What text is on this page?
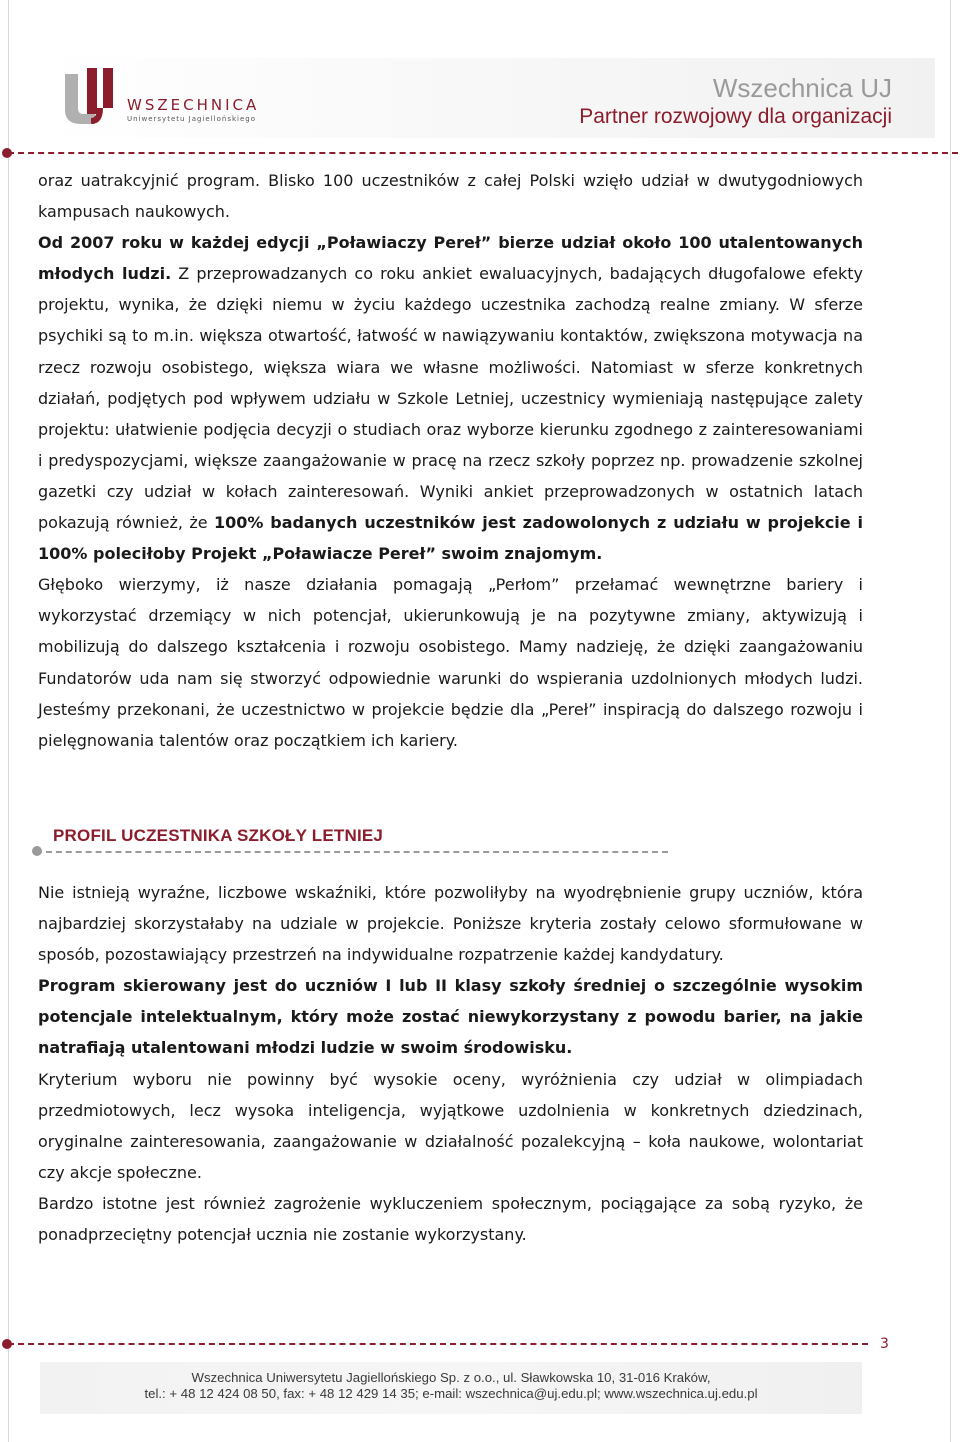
WSZECHNICA
Uniwersytetu Jagiellońskiego
Wszechnica UJ
Partner rozwojowy dla organizacji

oraz uatrakcyjnić program. Blisko 100 uczestników z całej Polski wzięło udział w dwutygodniowych kampusach naukowych.

Od 2007 roku w każdej edycji „Poławiaczy Pereł” bierze udział około 100 utalentowanych młodych ludzi. Z przeprowadzanych co roku ankiet ewaluacyjnych, badających długofalowe efekty projektu, wynika, że dzięki niemu w życiu każdego uczestnika zachodzą realne zmiany. W sferze psychiki są to m.in. większa otwartość, łatwość w nawiązywaniu kontaktów, zwiększona motywacja na rzecz rozwoju osobistego, większa wiara we własne możliwości. Natomiast w sferze konkretnych działań, podjętych pod wpływem udziału w Szkole Letniej, uczestnicy wymieniają następujące zalety projektu: ułatwienie podjęcia decyzji o studiach oraz wyborze kierunku zgodnego z zainteresowaniami i predyspozycjami, większe zaangażowanie w pracę na rzecz szkoły poprzez np. prowadzenie szkolnej gazetki czy udział w kołach zainteresowań. Wyniki ankiet przeprowadzonych w ostatnich latach pokazują również, że 100% badanych uczestników jest zadowolonych z udziału w projekcie i 100% poleciłoby Projekt „Poławiacze Pereł” swoim znajomym.

Głęboko wierzymy, iż nasze działania pomagają „Perłom” przełamać wewnętrzne bariery i wykorzystać drzemiący w nich potencjał, ukierunkowują je na pozytywne zmiany, aktywizują i mobilizują do dalszego kształcenia i rozwoju osobistego. Mamy nadzieję, że dzięki zaangażowaniu Fundatorów uda nam się stworzyć odpowiednie warunki do wspierania uzdolnionych młodych ludzi. Jesteśmy przekonani, że uczestnictwo w projekcie będzie dla „Pereł” inspiracją do dalszego rozwoju i pielęgnowania talentów oraz początkiem ich kariery.

PROFIL UCZESTNIKA SZKOŁY LETNIEJ

Nie istnieją wyraźne, liczbowe wskaźniki, które pozwoliłyby na wyodrębnienie grupy uczniów, która najbardziej skorzystałaby na udziale w projekcie. Poniższe kryteria zostały celowo sformułowane w sposób, pozostawiający przestrzeń na indywidualne rozpatrzenie każdej kandydatury.

Program skierowany jest do uczniów I lub II klasy szkoły średniej o szczególnie wysokim potencjale intelektualnym, który może zostać niewykorzystany z powodu barier, na jakie natrafiają utalentowani młodzi ludzie w swoim środowisku.

Kryterium wyboru nie powinny być wysokie oceny, wyróżnienia czy udział w olimpiadach przedmiotowych, lecz wysoka inteligencja, wyjątkowe uzdolnienia w konkretnych dziedzinach, oryginalne zainteresowania, zaangażowanie w działalność pozalekcyjną – koła naukowe, wolontariat czy akcje społeczne.

Bardzo istotne jest również zagrożenie wykluczeniem społecznym, pociągające za sobą ryzyko, że ponadprzeciętny potencjał ucznia nie zostanie wykorzystany.

3
Wszechnica Uniwersytetu Jagiellońskiego Sp. z o.o., ul. Sławkowska 10, 31-016 Kraków,
tel.: + 48 12 424 08 50, fax: + 48 12 429 14 35; e-mail: wszechnica@uj.edu.pl; www.wszechnica.uj.edu.pl
